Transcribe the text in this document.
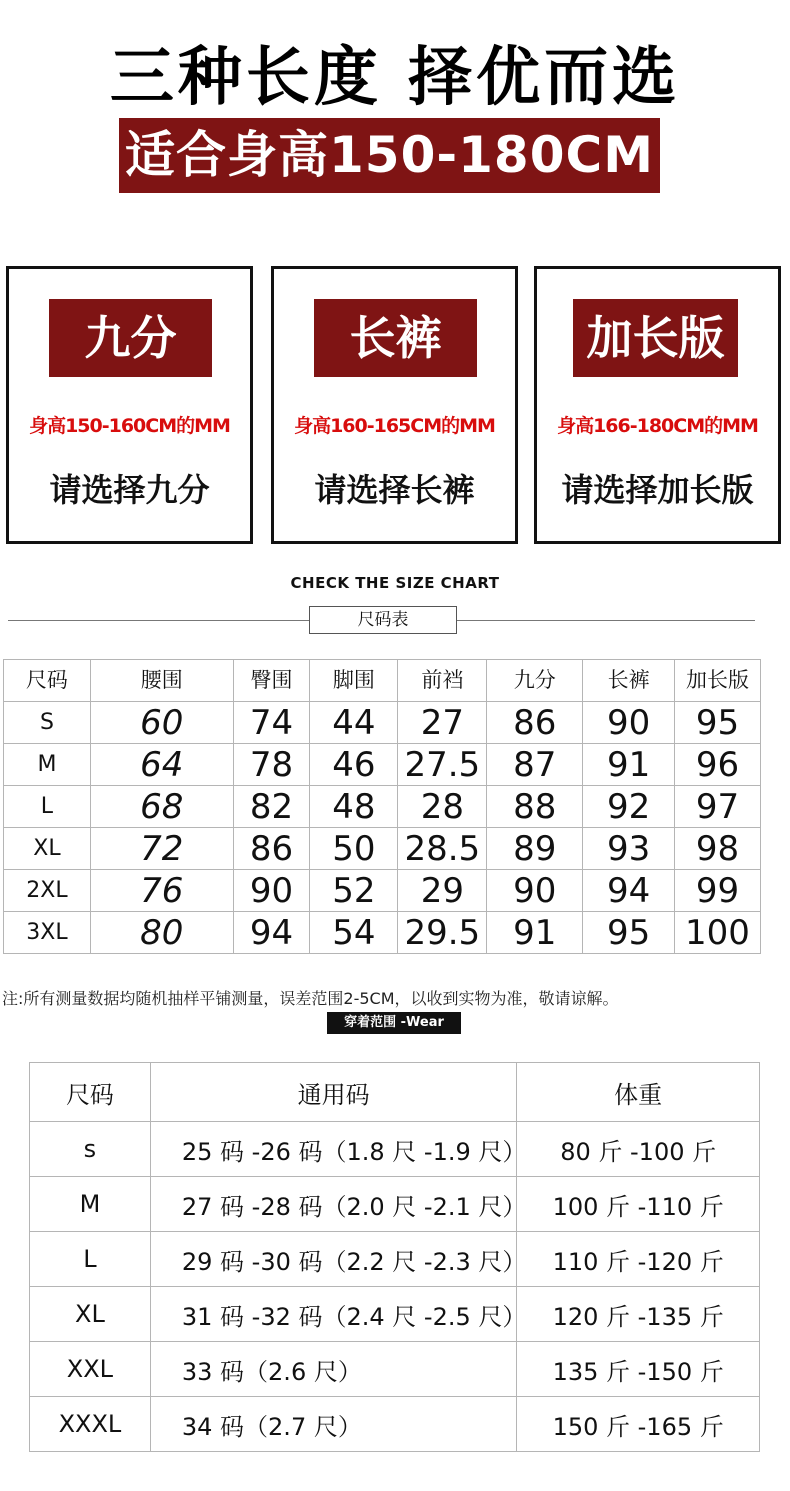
三种长度 择优而选
适合身高150-180CM
九分
身高150-160CM的MM
请选择九分
长裤
身高160-165CM的MM
请选择长裤
加长版
身高166-180CM的MM
请选择加长版
CHECK THE SIZE CHART
尺码表
尺码	腰围	臀围	脚围	前裆	九分	长裤	加长版
S	60	74	44	27	86	90	95
M	64	78	46	27.5	87	91	96
L	68	82	48	28	88	92	97
XL	72	86	50	28.5	89	93	98
2XL	76	90	52	29	90	94	99
3XL	80	94	54	29.5	91	95	100
注:所有测量数据均随机抽样平铺测量，误差范围2-5CM，以收到实物为准，敬请谅解。
穿着范围 -Wear
尺码	通用码	体重
s	25 码 -26 码（1.8 尺 -1.9 尺）	80 斤 -100 斤
M	27 码 -28 码（2.0 尺 -2.1 尺）	100 斤 -110 斤
L	29 码 -30 码（2.2 尺 -2.3 尺）	110 斤 -120 斤
XL	31 码 -32 码（2.4 尺 -2.5 尺）	120 斤 -135 斤
XXL	33 码（2.6 尺）	135 斤 -150 斤
XXXL	34 码（2.7 尺）	150 斤 -165 斤
